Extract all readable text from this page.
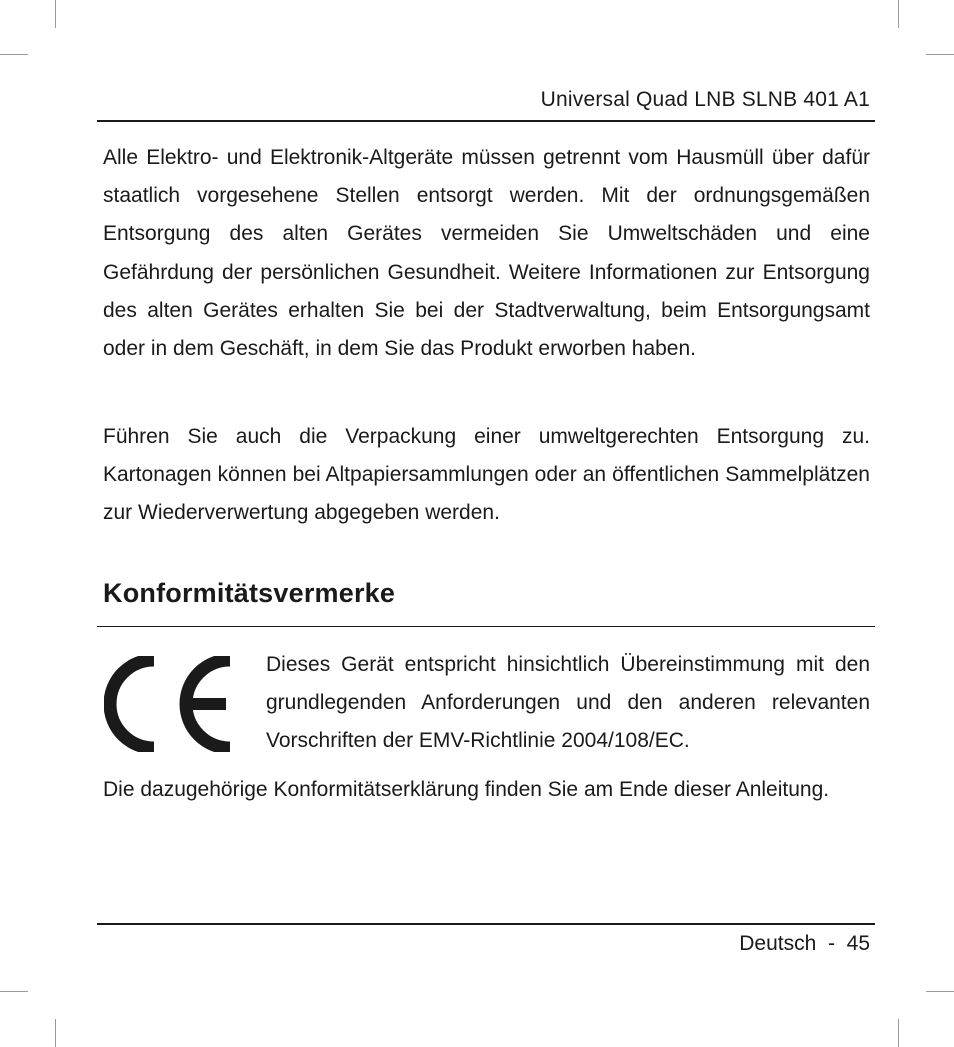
Universal Quad LNB SLNB 401 A1

Alle Elektro- und Elektronik-Altgeräte müssen getrennt vom Hausmüll über dafür staatlich vorgesehene Stellen entsorgt werden. Mit der ordnungsgemäßen Entsorgung des alten Gerätes vermeiden Sie Umweltschäden und eine Gefährdung der persönlichen Gesundheit. Weitere Informationen zur Entsorgung des alten Gerätes erhalten Sie bei der Stadtverwaltung, beim Entsorgungsamt oder in dem Geschäft, in dem Sie das Produkt erworben haben.

Führen Sie auch die Verpackung einer umweltgerechten Entsorgung zu. Kartonagen können bei Altpapiersammlungen oder an öffentlichen Sammelplätzen zur Wiederverwertung abgegeben werden.

Konformitätsvermerke

Dieses Gerät entspricht hinsichtlich Übereinstimmung mit den grundlegenden Anforderungen und den anderen relevanten Vorschriften der EMV-Richtlinie 2004/108/EC.

Die dazugehörige Konformitätserklärung finden Sie am Ende dieser Anleitung.

Deutsch - 45
